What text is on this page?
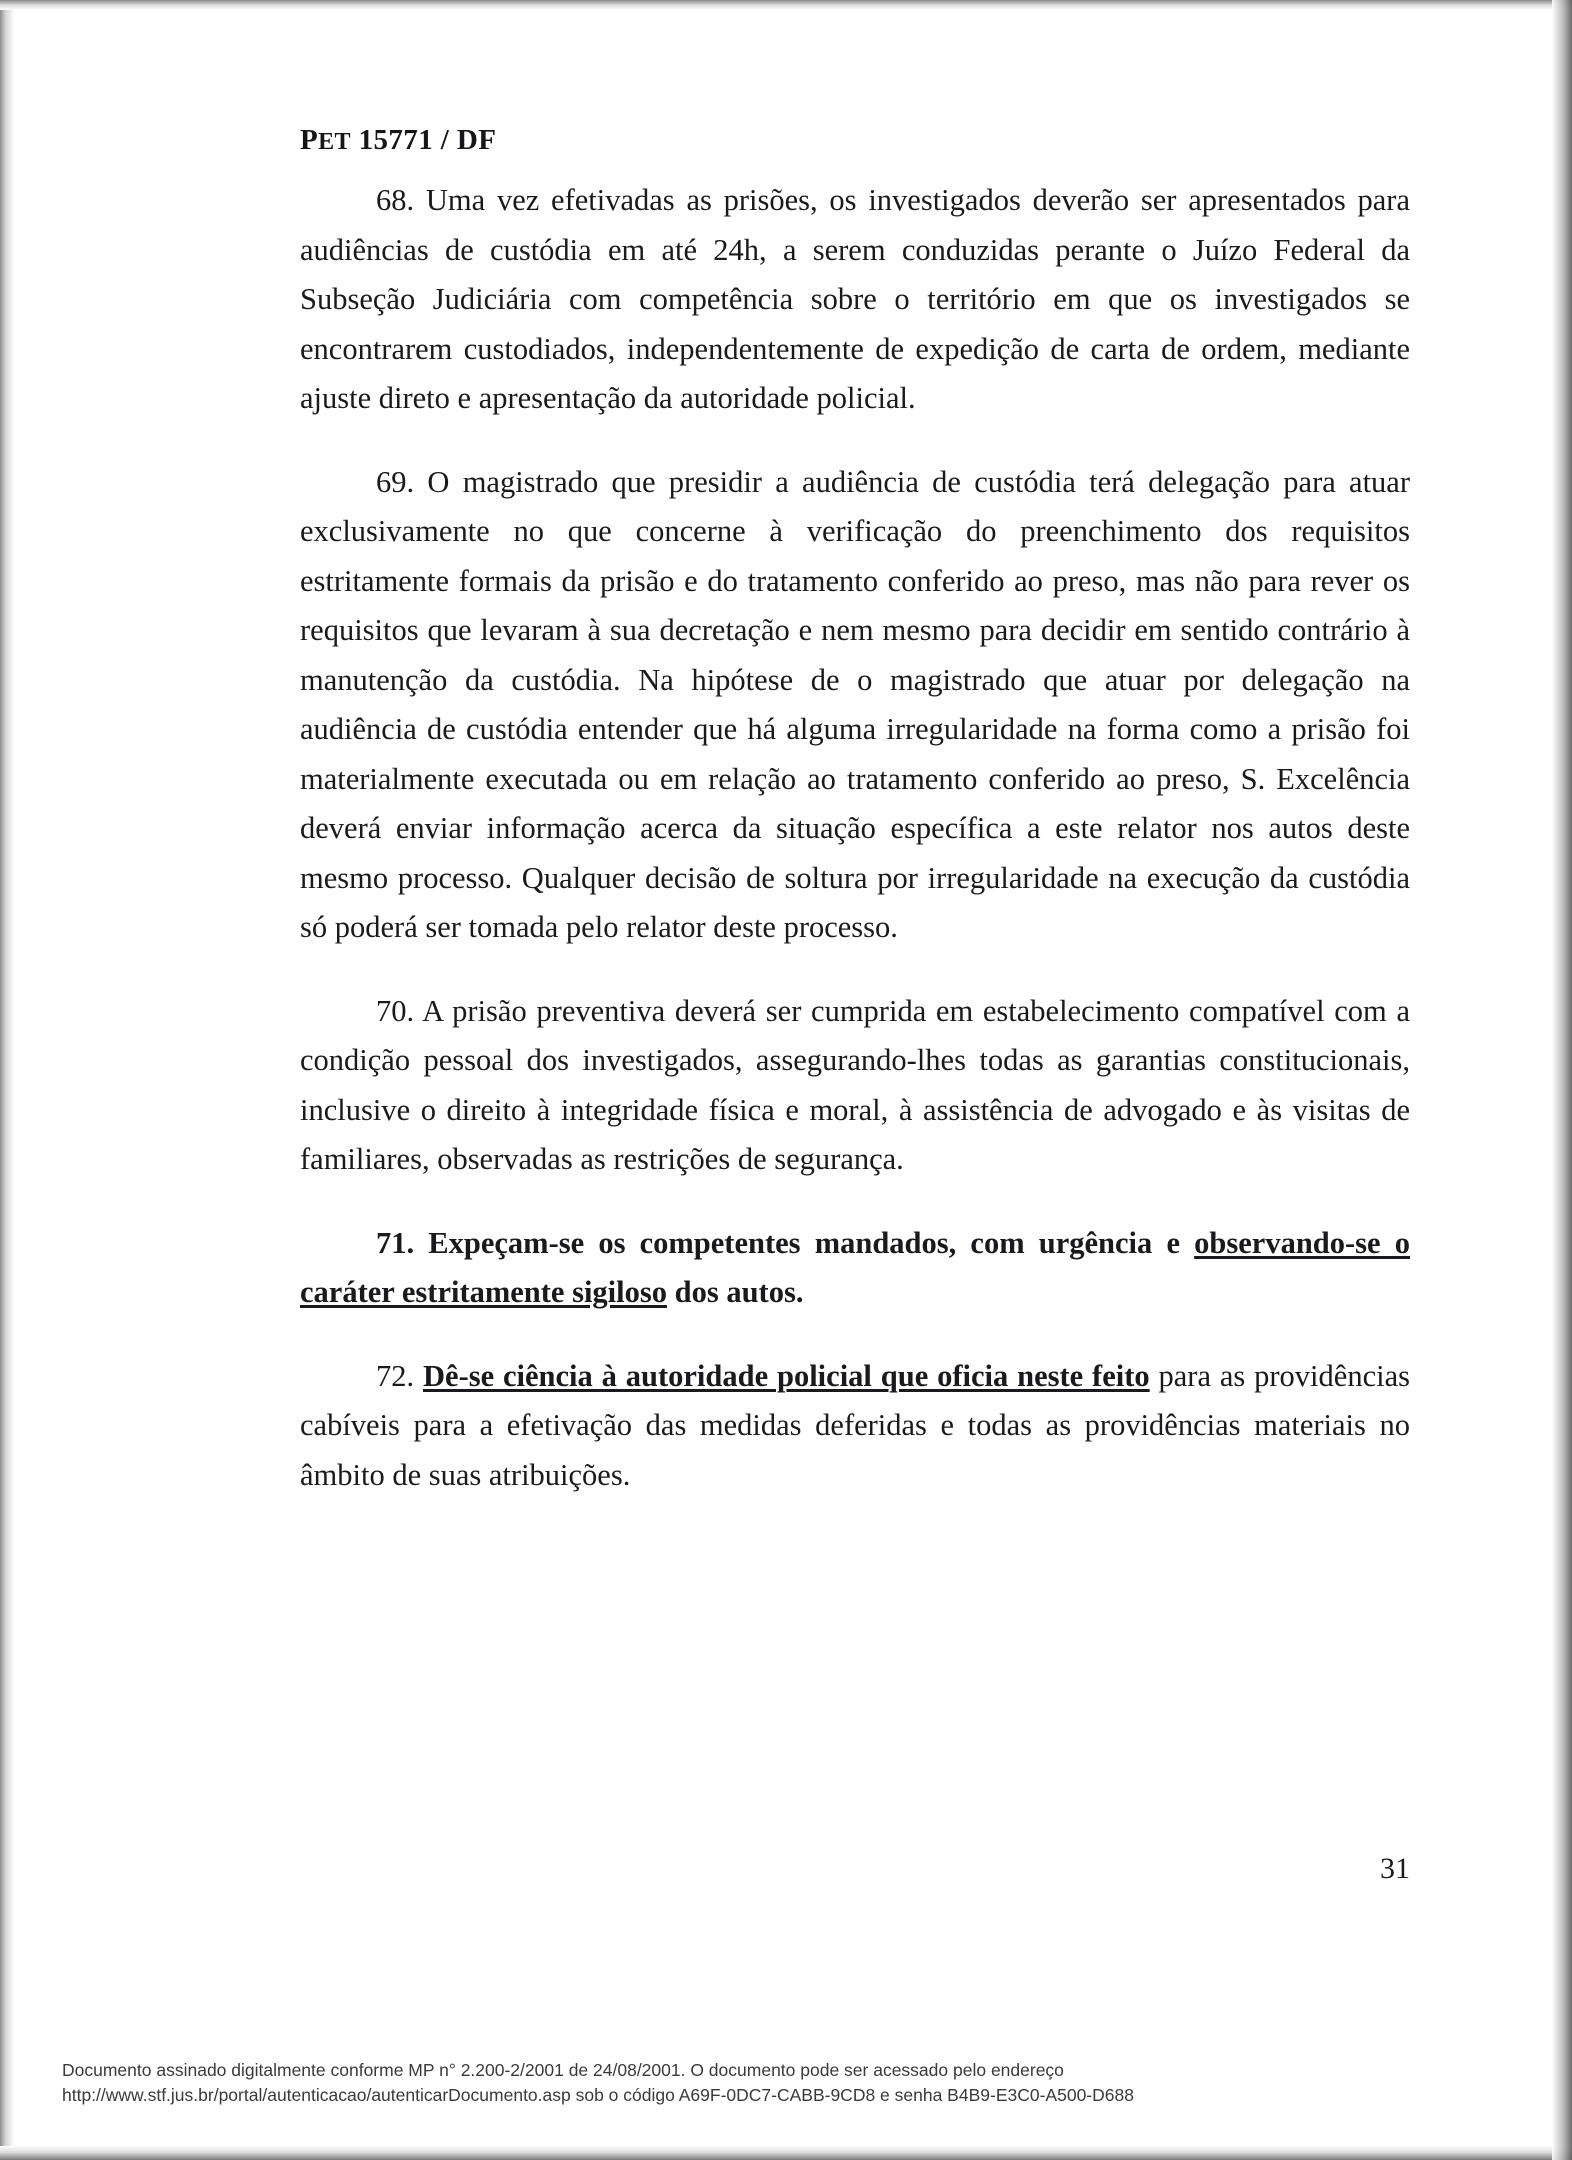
PET 15771 / DF

68. Uma vez efetivadas as prisões, os investigados deverão ser apresentados para audiências de custódia em até 24h, a serem conduzidas perante o Juízo Federal da Subseção Judiciária com competência sobre o território em que os investigados se encontrarem custodiados, independentemente de expedição de carta de ordem, mediante ajuste direto e apresentação da autoridade policial.

69. O magistrado que presidir a audiência de custódia terá delegação para atuar exclusivamente no que concerne à verificação do preenchimento dos requisitos estritamente formais da prisão e do tratamento conferido ao preso, mas não para rever os requisitos que levaram à sua decretação e nem mesmo para decidir em sentido contrário à manutenção da custódia. Na hipótese de o magistrado que atuar por delegação na audiência de custódia entender que há alguma irregularidade na forma como a prisão foi materialmente executada ou em relação ao tratamento conferido ao preso, S. Excelência deverá enviar informação acerca da situação específica a este relator nos autos deste mesmo processo. Qualquer decisão de soltura por irregularidade na execução da custódia só poderá ser tomada pelo relator deste processo.

70. A prisão preventiva deverá ser cumprida em estabelecimento compatível com a condição pessoal dos investigados, assegurando-lhes todas as garantias constitucionais, inclusive o direito à integridade física e moral, à assistência de advogado e às visitas de familiares, observadas as restrições de segurança.

71. Expeçam-se os competentes mandados, com urgência e observando-se o caráter estritamente sigiloso dos autos.

72. Dê-se ciência à autoridade policial que oficia neste feito para as providências cabíveis para a efetivação das medidas deferidas e todas as providências materiais no âmbito de suas atribuições.

31
Documento assinado digitalmente conforme MP n° 2.200-2/2001 de 24/08/2001. O documento pode ser acessado pelo endereço
http://www.stf.jus.br/portal/autenticacao/autenticarDocumento.asp sob o código A69F-0DC7-CABB-9CD8 e senha B4B9-E3C0-A500-D688
